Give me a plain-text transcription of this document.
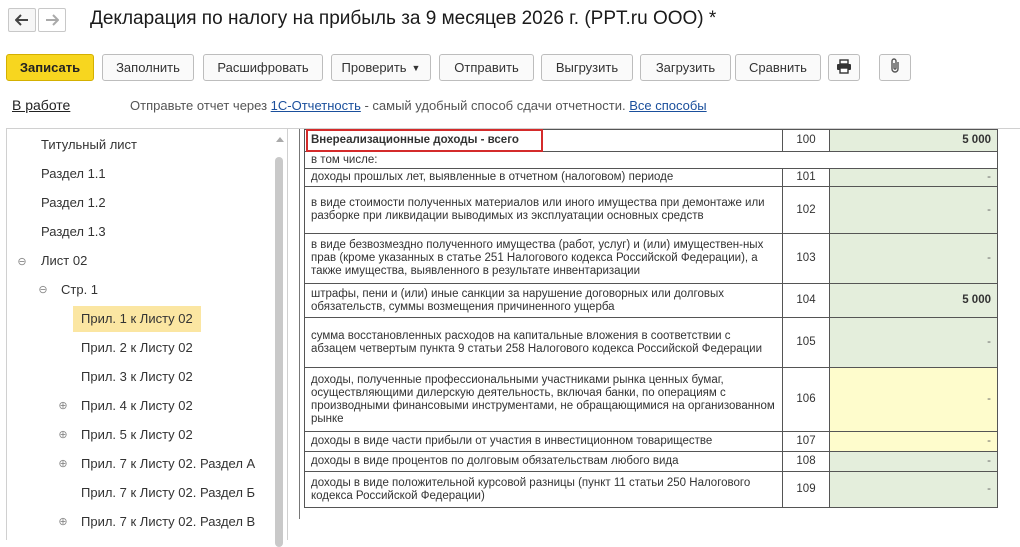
Декларация по налогу на прибыль за 9 месяцев 2026 г. (PPT.ru ООО) *
Записать	Заполнить	Расшифровать	Проверить ▼	Отправить	Выгрузить	Загрузить	Сравнить
В работе	Отправьте отчет через 1С-Отчетность - самый удобный способ сдачи отчетности. Все способы
⊖
⊖
⊕
⊕
⊕
⊕
Титульный лист
Раздел 1.1
Раздел 1.2
Раздел 1.3
Лист 02
Стр. 1
Прил. 1 к Листу 02
Прил. 2 к Листу 02
Прил. 3 к Листу 02
Прил. 4 к Листу 02
Прил. 5 к Листу 02
Прил. 7 к Листу 02. Раздел А
Прил. 7 к Листу 02. Раздел Б
Прил. 7 к Листу 02. Раздел В
Внереализационные доходы - всего	100	5 000
в том числе:		
доходы прошлых лет, выявленные в отчетном (налоговом) периоде	101	-
в виде стоимости полученных материалов или иного имущества при демонтаже или разборке при ликвидации выводимых из эксплуатации основных средств	102	-
в виде безвозмездно полученного имущества (работ, услуг) и (или) имуществен-ных прав (кроме указанных в статье 251 Налогового кодекса Российской Федерации), а также имущества, выявленного в результате инвентаризации	103	-
штрафы, пени и (или) иные санкции за нарушение договорных или долговых обязательств, суммы возмещения причиненного ущерба	104	5 000
сумма восстановленных расходов на капитальные вложения в соответствии с абзацем четвертым пункта 9 статьи 258 Налогового кодекса Российской Федерации	105	-
доходы, полученные профессиональными участниками рынка ценных бумаг, осуществляющими дилерскую деятельность, включая банки, по операциям с производными финансовыми инструментами, не обращающимися на организованном рынке	106	-
доходы в виде части прибыли от участия в инвестиционном товариществе	107	-
доходы в виде процентов по долговым обязательствам любого вида	108	-
доходы в виде положительной курсовой разницы (пункт 11 статьи 250 Налогового кодекса Российской Федерации)	109	-
